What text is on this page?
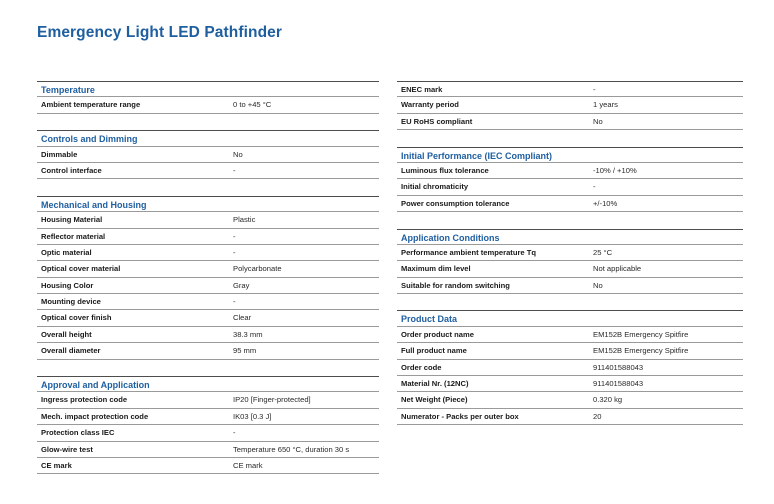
Emergency Light LED Pathfinder
Temperature
Ambient temperature range	0 to +45 °C
Controls and Dimming
Dimmable	No
Control interface	-
Mechanical and Housing
Housing Material	Plastic
Reflector material	-
Optic material	-
Optical cover material	Polycarbonate
Housing Color	Gray
Mounting device	-
Optical cover finish	Clear
Overall height	38.3 mm
Overall diameter	95 mm
Approval and Application
Ingress protection code	IP20 [Finger-protected]
Mech. impact protection code	IK03 [0.3 J]
Protection class IEC	-
Glow-wire test	Temperature 650 °C, duration 30 s
CE mark	CE mark
ENEC mark	-
Warranty period	1 years
EU RoHS compliant	No
Initial Performance (IEC Compliant)
Luminous flux tolerance	-10% / +10%
Initial chromaticity	-
Power consumption tolerance	+/-10%
Application Conditions
Performance ambient temperature Tq	25 °C
Maximum dim level	Not applicable
Suitable for random switching	No
Product Data
Order product name	EM152B Emergency Spitfire
Full product name	EM152B Emergency Spitfire
Order code	911401588043
Material Nr. (12NC)	911401588043
Net Weight (Piece)	0.320 kg
Numerator - Packs per outer box	20
